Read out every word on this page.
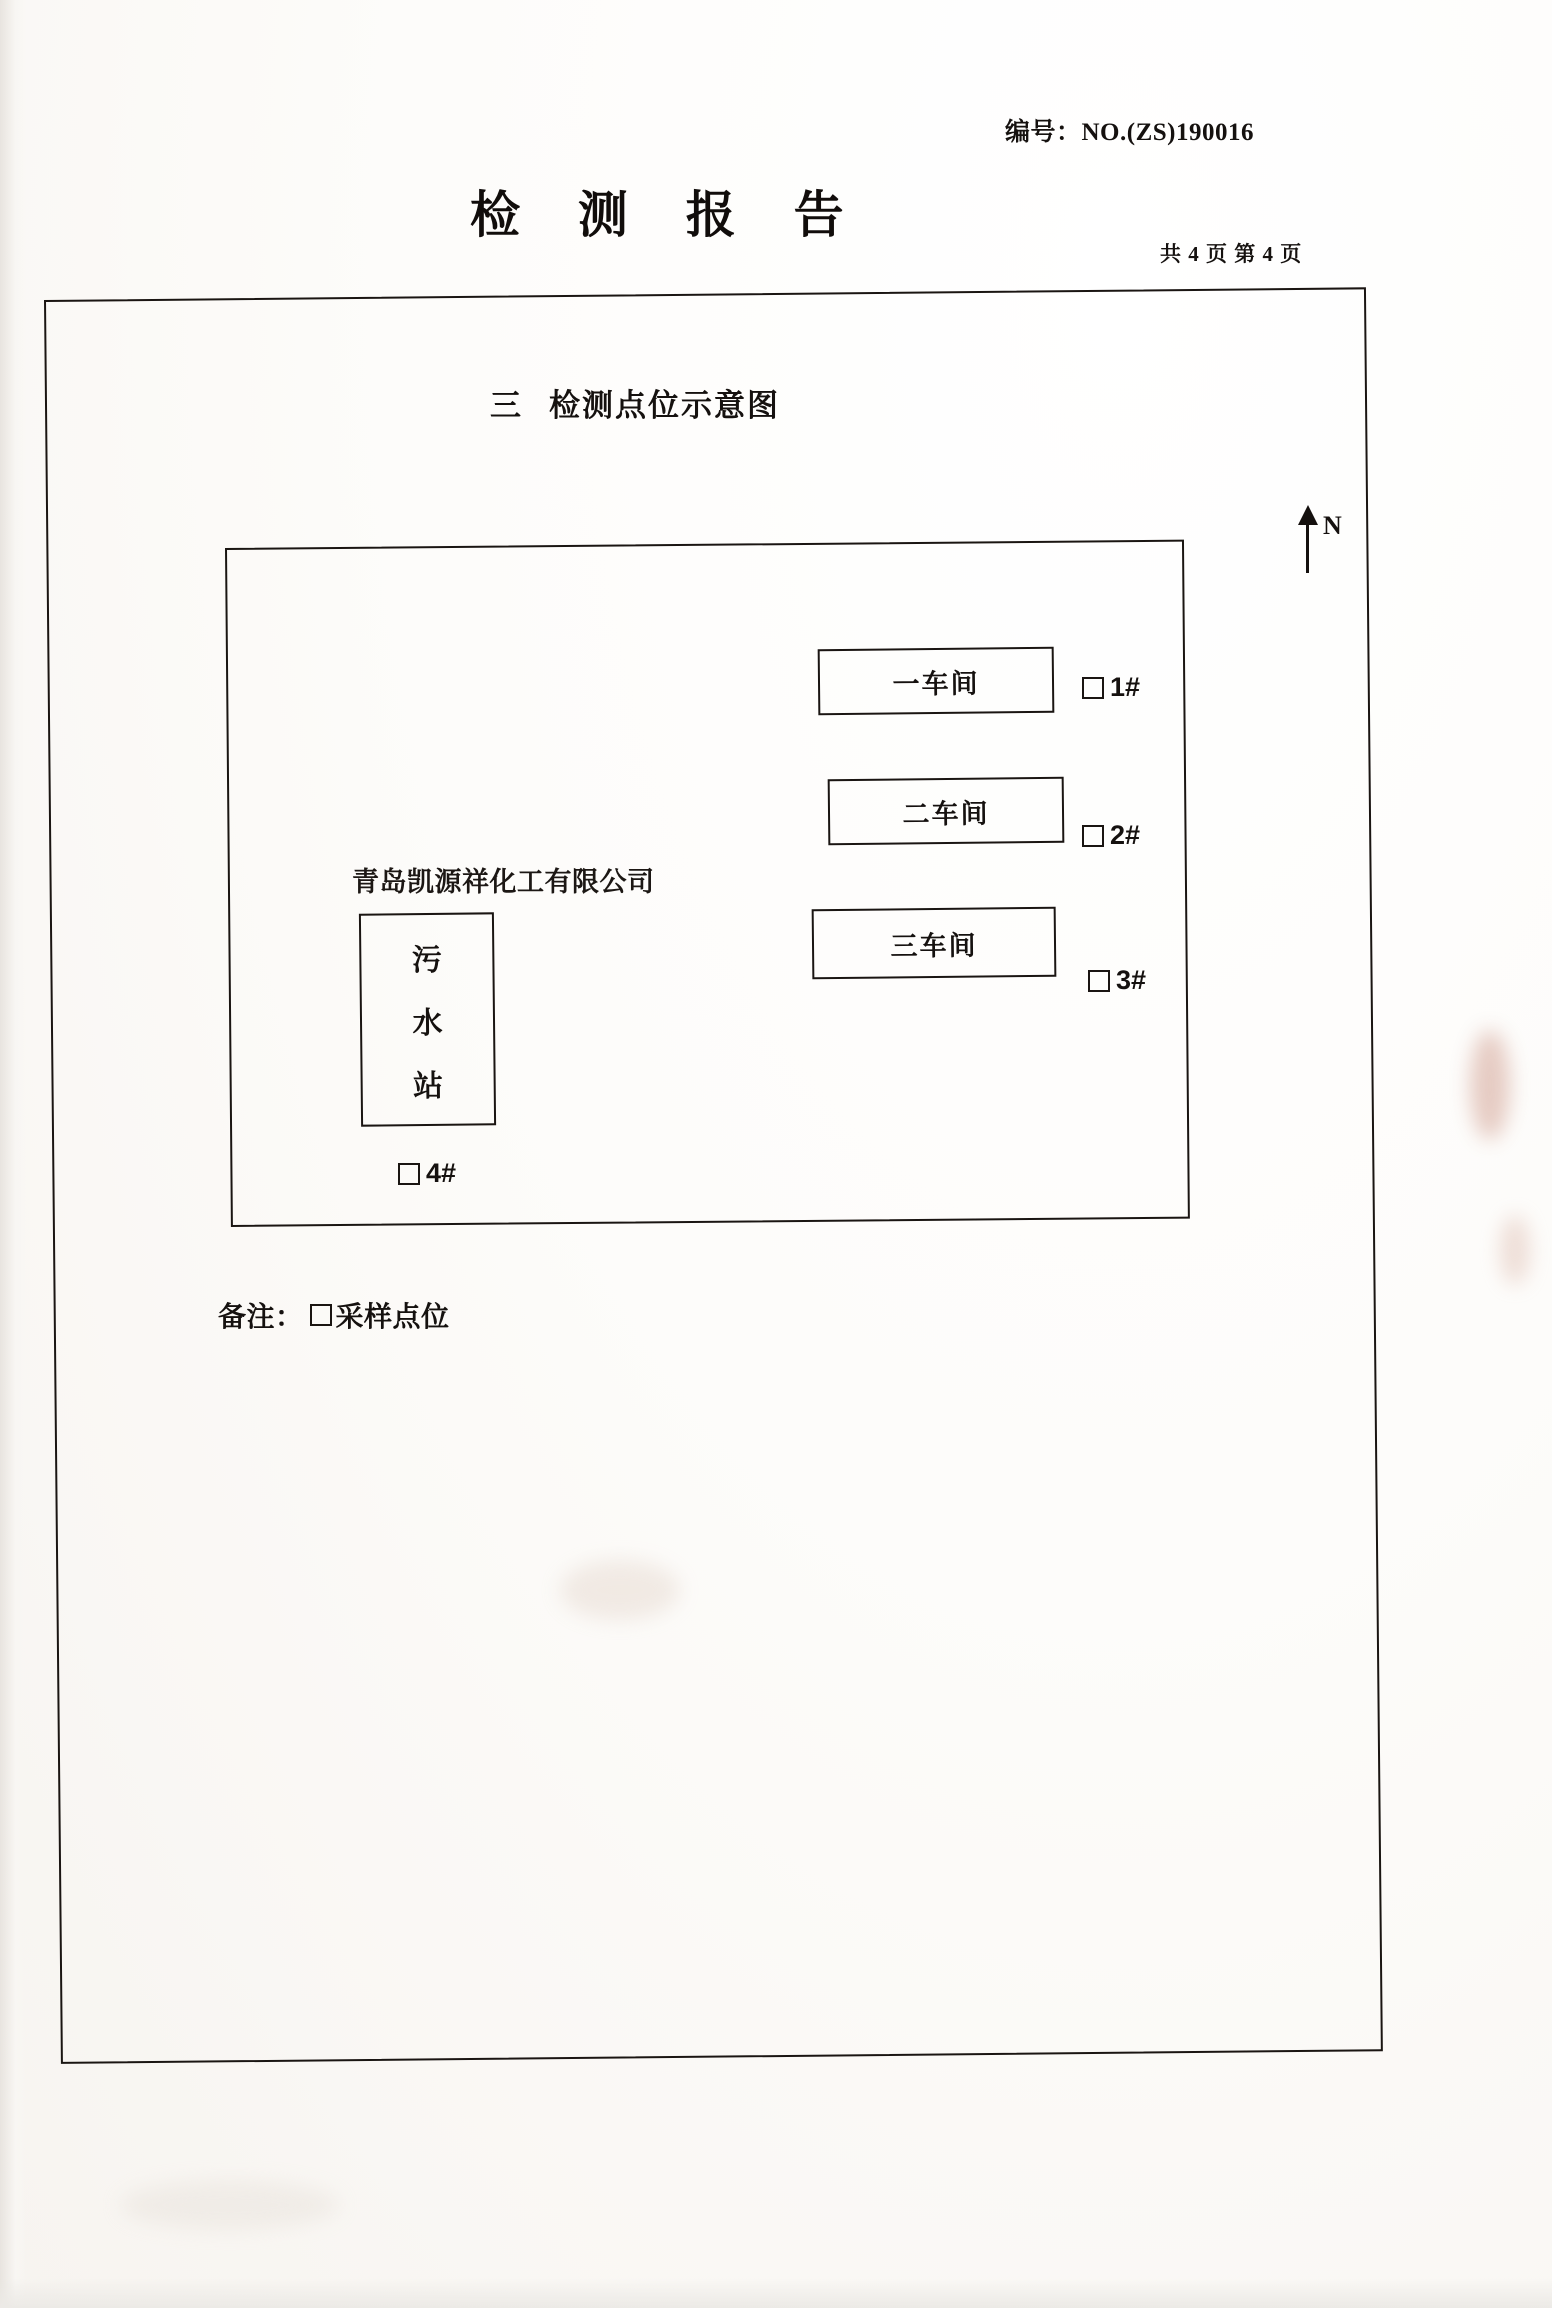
编号：NO.(ZS)190016
检 测 报 告
共 4 页 第 4 页
三 检测点位示意图
N
青岛凯源祥化工有限公司
一车间
二车间
三车间
污
水
站
1#
2#
3#
4#
备注： 采样点位
